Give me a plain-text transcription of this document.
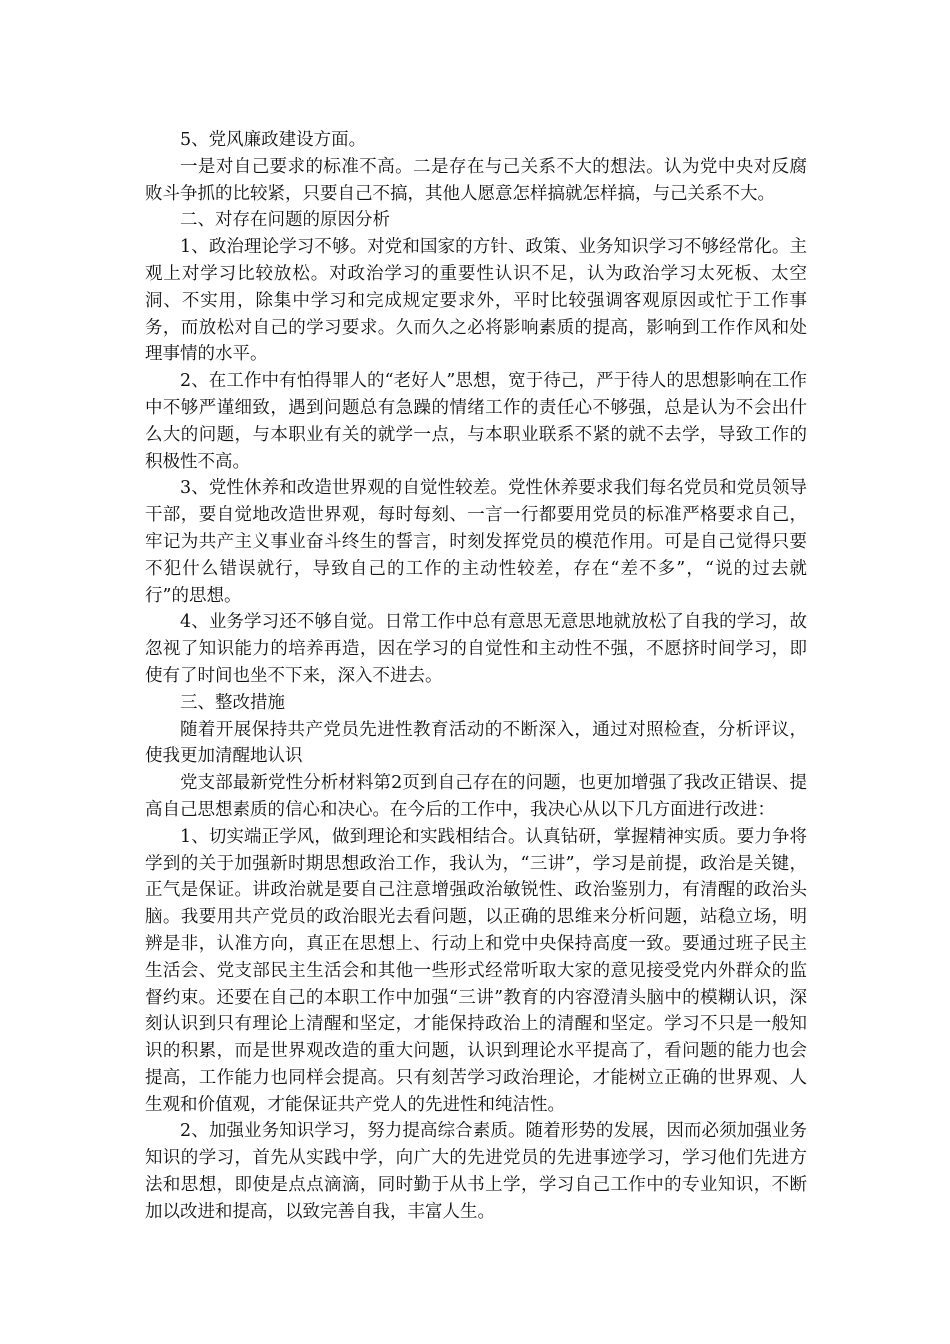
5、党风廉政建设方面。

一是对自己要求的标准不高。二是存在与己关系不大的想法。认为党中央对反腐败斗争抓的比较紧，只要自己不搞，其他人愿意怎样搞就怎样搞，与己关系不大。

二、对存在问题的原因分析

1、政治理论学习不够。对党和国家的方针、政策、业务知识学习不够经常化。主观上对学习比较放松。对政治学习的重要性认识不足，认为政治学习太死板、太空洞、不实用，除集中学习和完成规定要求外，平时比较强调客观原因或忙于工作事务，而放松对自己的学习要求。久而久之必将影响素质的提高，影响到工作作风和处理事情的水平。

2、在工作中有怕得罪人的“老好人”思想，宽于待己，严于待人的思想影响在工作中不够严谨细致，遇到问题总有急躁的情绪工作的责任心不够强，总是认为不会出什么大的问题，与本职业有关的就学一点，与本职业联系不紧的就不去学，导致工作的积极性不高。

3、党性休养和改造世界观的自觉性较差。党性休养要求我们每名党员和党员领导干部，要自觉地改造世界观，每时每刻、一言一行都要用党员的标准严格要求自己，牢记为共产主义事业奋斗终生的誓言，时刻发挥党员的模范作用。可是自己觉得只要不犯什么错误就行，导致自己的工作的主动性较差，存在“差不多”，“说的过去就行”的思想。

4、业务学习还不够自觉。日常工作中总有意思无意思地就放松了自我的学习，故忽视了知识能力的培养再造，因在学习的自觉性和主动性不强，不愿挤时间学习，即使有了时间也坐不下来，深入不进去。

三、整改措施

随着开展保持共产党员先进性教育活动的不断深入，通过对照检查，分析评议，使我更加清醒地认识

党支部最新党性分析材料第2页到自己存在的问题，也更加增强了我改正错误、提高自己思想素质的信心和决心。在今后的工作中，我决心从以下几方面进行改进：

1、切实端正学风，做到理论和实践相结合。认真钻研，掌握精神实质。要力争将学到的关于加强新时期思想政治工作，我认为，“三讲”，学习是前提，政治是关键，正气是保证。讲政治就是要自己注意增强政治敏锐性、政治鉴别力，有清醒的政治头脑。我要用共产党员的政治眼光去看问题，以正确的思维来分析问题，站稳立场，明辨是非，认准方向，真正在思想上、行动上和党中央保持高度一致。要通过班子民主生活会、党支部民主生活会和其他一些形式经常听取大家的意见接受党内外群众的监督约束。还要在自己的本职工作中加强“三讲”教育的内容澄清头脑中的模糊认识，深刻认识到只有理论上清醒和坚定，才能保持政治上的清醒和坚定。学习不只是一般知识的积累，而是世界观改造的重大问题，认识到理论水平提高了，看问题的能力也会提高，工作能力也同样会提高。只有刻苦学习政治理论，才能树立正确的世界观、人生观和价值观，才能保证共产党人的先进性和纯洁性。

2、加强业务知识学习，努力提高综合素质。随着形势的发展，因而必须加强业务知识的学习，首先从实践中学，向广大的先进党员的先进事迹学习，学习他们先进方法和思想，即使是点点滴滴，同时勤于从书上学，学习自己工作中的专业知识，不断加以改进和提高，以致完善自我，丰富人生。
